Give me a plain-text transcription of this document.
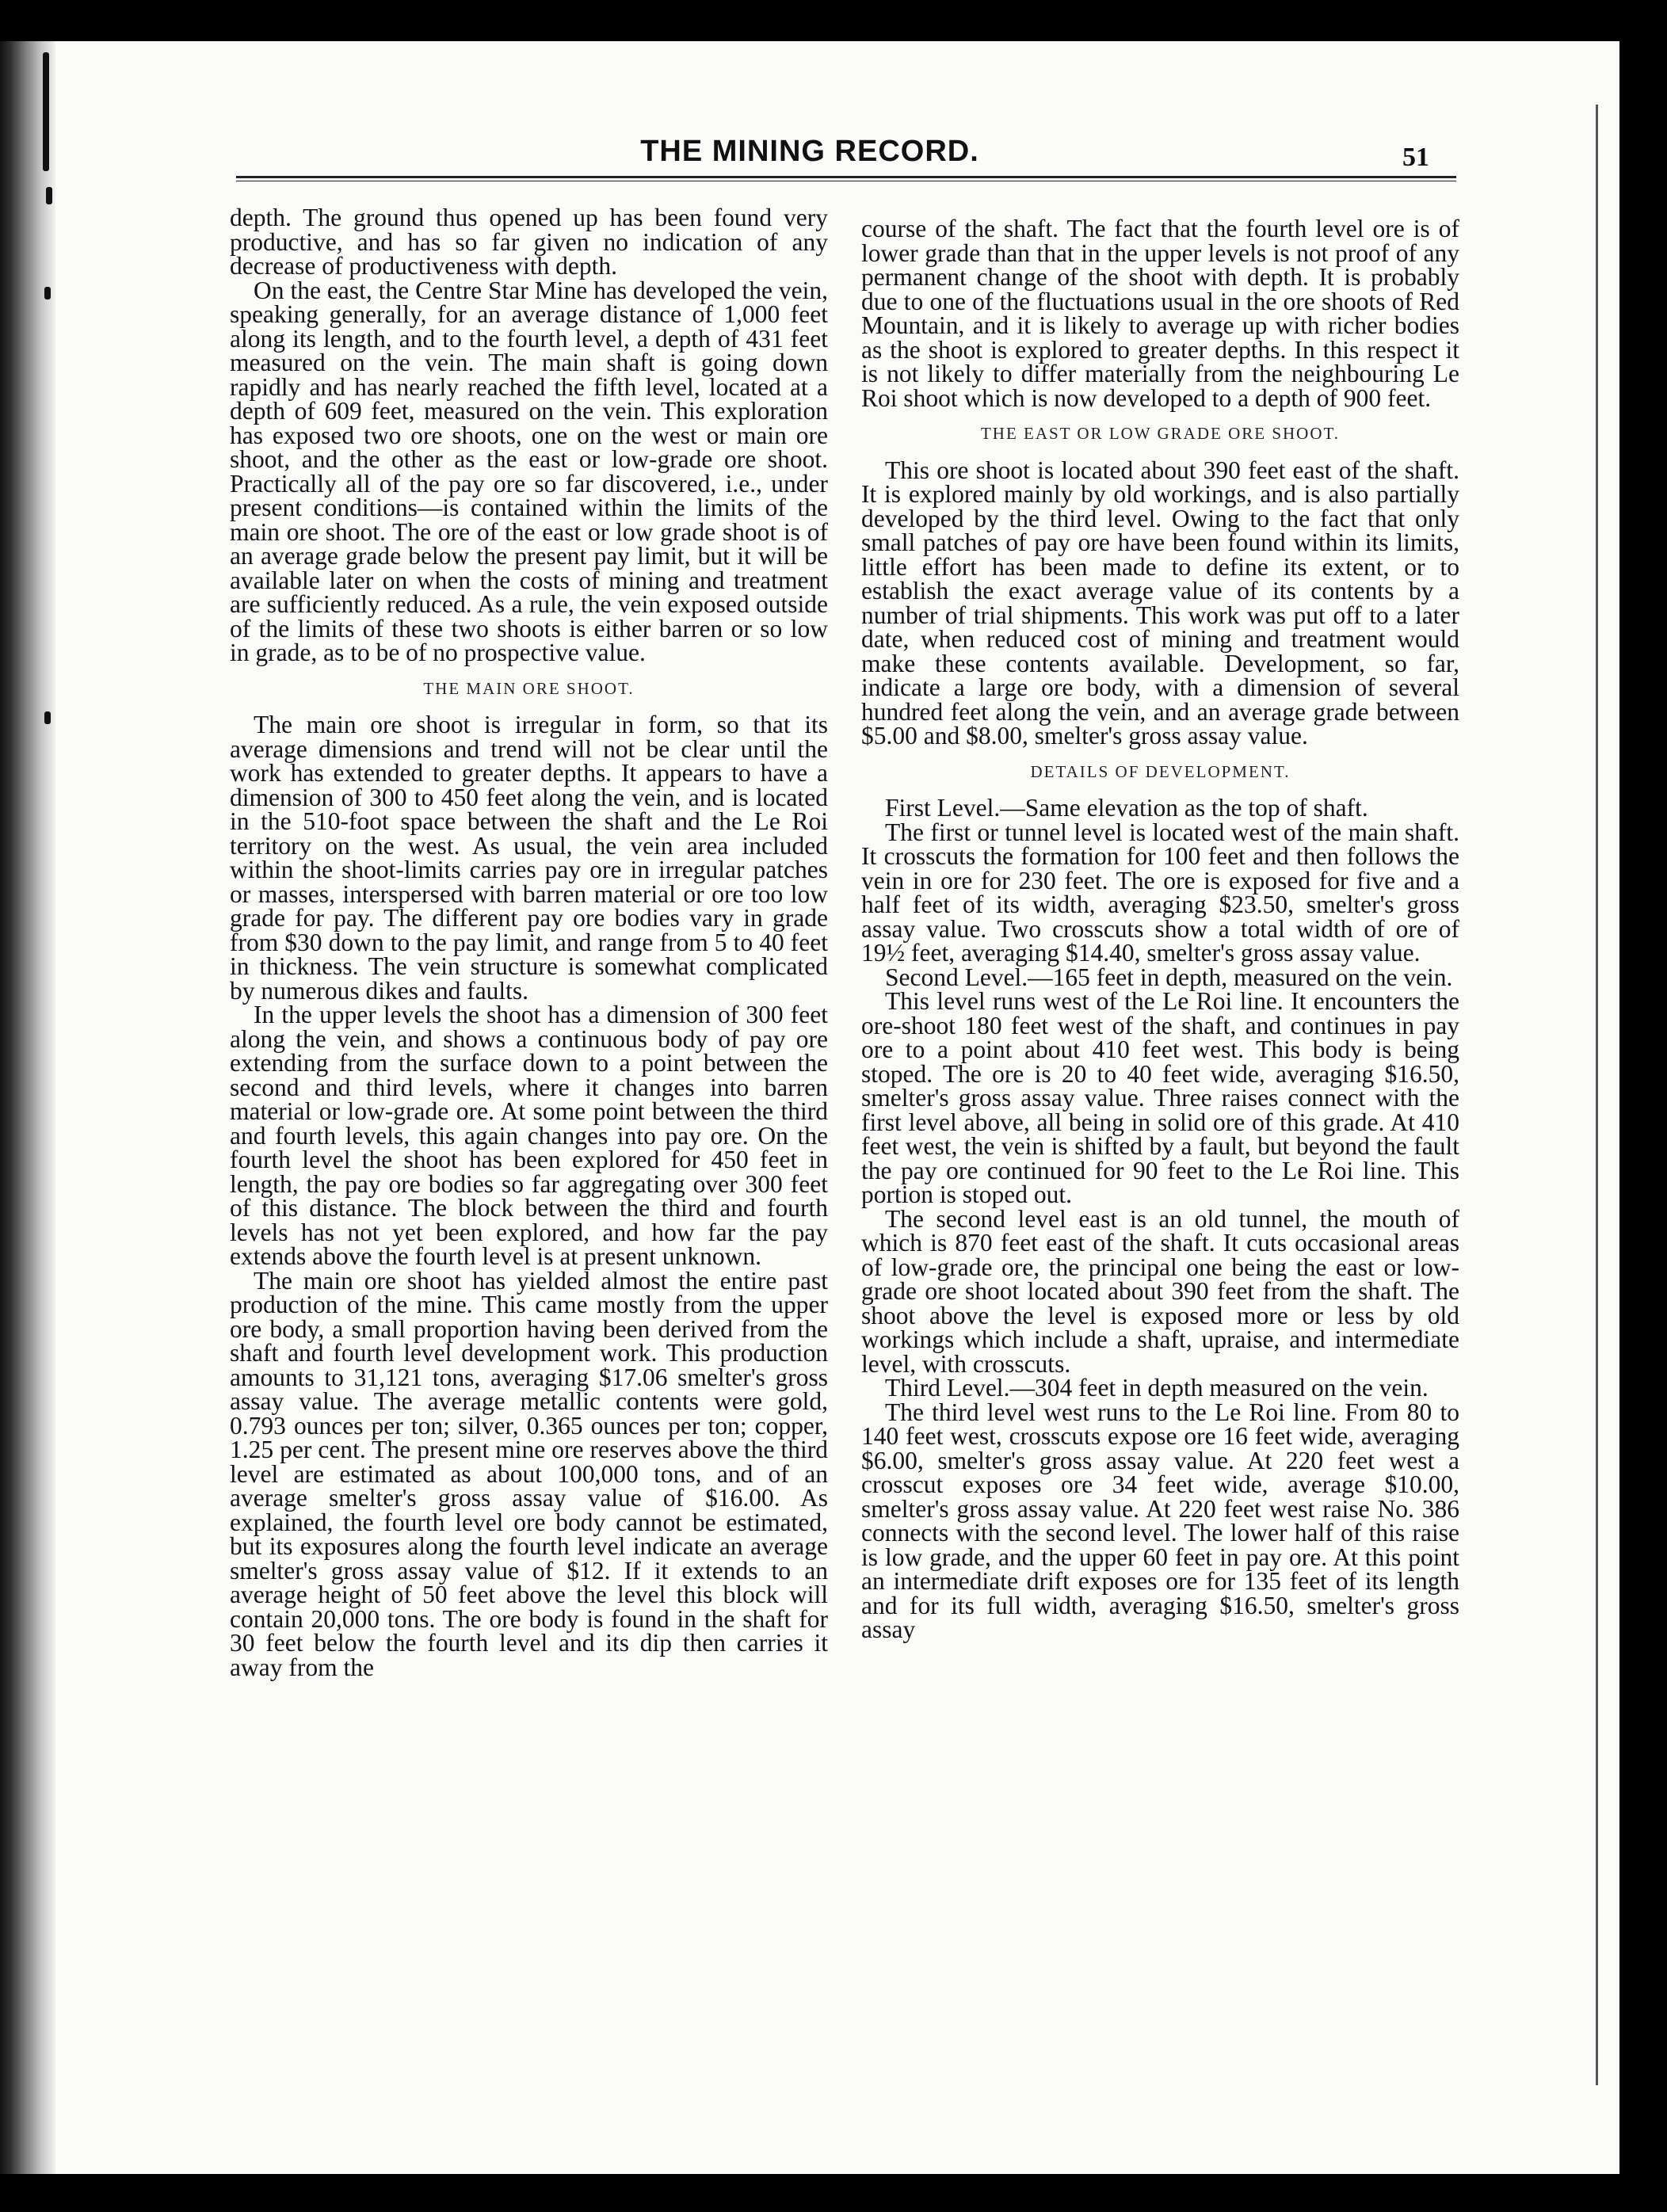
THE MINING RECORD.	51

depth. The ground thus opened up has been found very productive, and has so far given no indication of any decrease of productiveness with depth.

On the east, the Centre Star Mine has developed the vein, speaking generally, for an average distance of 1,000 feet along its length, and to the fourth level, a depth of 431 feet measured on the vein. The main shaft is going down rapidly and has nearly reached the fifth level, located at a depth of 609 feet, measured on the vein. This exploration has exposed two ore shoots, one on the west or main ore shoot, and the other as the east or low-grade ore shoot. Practically all of the pay ore so far discovered, i.e., under present conditions—is contained within the limits of the main ore shoot. The ore of the east or low grade shoot is of an average grade below the present pay limit, but it will be available later on when the costs of mining and treatment are sufficiently reduced. As a rule, the vein exposed outside of the limits of these two shoots is either barren or so low in grade, as to be of no prospective value.

THE MAIN ORE SHOOT.

The main ore shoot is irregular in form, so that its average dimensions and trend will not be clear until the work has extended to greater depths. It appears to have a dimension of 300 to 450 feet along the vein, and is located in the 510-foot space between the shaft and the Le Roi territory on the west. As usual, the vein area included within the shoot-limits carries pay ore in irregular patches or masses, interspersed with barren material or ore too low grade for pay. The different pay ore bodies vary in grade from $30 down to the pay limit, and range from 5 to 40 feet in thickness. The vein structure is somewhat complicated by numerous dikes and faults.

In the upper levels the shoot has a dimension of 300 feet along the vein, and shows a continuous body of pay ore extending from the surface down to a point between the second and third levels, where it changes into barren material or low-grade ore. At some point between the third and fourth levels, this again changes into pay ore. On the fourth level the shoot has been explored for 450 feet in length, the pay ore bodies so far aggregating over 300 feet of this distance. The block between the third and fourth levels has not yet been explored, and how far the pay extends above the fourth level is at present unknown.

The main ore shoot has yielded almost the entire past production of the mine. This came mostly from the upper ore body, a small proportion having been derived from the shaft and fourth level development work. This production amounts to 31,121 tons, averaging $17.06 smelter's gross assay value. The average metallic contents were gold, 0.793 ounces per ton; silver, 0.365 ounces per ton; copper, 1.25 per cent. The present mine ore reserves above the third level are estimated as about 100,000 tons, and of an average smelter's gross assay value of $16.00. As explained, the fourth level ore body cannot be estimated, but its exposures along the fourth level indicate an average smelter's gross assay value of $12. If it extends to an average height of 50 feet above the level this block will contain 20,000 tons. The ore body is found in the shaft for 30 feet below the fourth level and its dip then carries it away from the

course of the shaft. The fact that the fourth level ore is of lower grade than that in the upper levels is not proof of any permanent change of the shoot with depth. It is probably due to one of the fluctuations usual in the ore shoots of Red Mountain, and it is likely to average up with richer bodies as the shoot is explored to greater depths. In this respect it is not likely to differ materially from the neighbouring Le Roi shoot which is now developed to a depth of 900 feet.

THE EAST OR LOW GRADE ORE SHOOT.

This ore shoot is located about 390 feet east of the shaft. It is explored mainly by old workings, and is also partially developed by the third level. Owing to the fact that only small patches of pay ore have been found within its limits, little effort has been made to define its extent, or to establish the exact average value of its contents by a number of trial shipments. This work was put off to a later date, when reduced cost of mining and treatment would make these contents available. Development, so far, indicate a large ore body, with a dimension of several hundred feet along the vein, and an average grade between $5.00 and $8.00, smelter's gross assay value.

DETAILS OF DEVELOPMENT.

First Level.—Same elevation as the top of shaft.

The first or tunnel level is located west of the main shaft. It crosscuts the formation for 100 feet and then follows the vein in ore for 230 feet. The ore is exposed for five and a half feet of its width, averaging $23.50, smelter's gross assay value. Two crosscuts show a total width of ore of 19½ feet, averaging $14.40, smelter's gross assay value.

Second Level.—165 feet in depth, measured on the vein.

This level runs west of the Le Roi line. It encounters the ore-shoot 180 feet west of the shaft, and continues in pay ore to a point about 410 feet west. This body is being stoped. The ore is 20 to 40 feet wide, averaging $16.50, smelter's gross assay value. Three raises connect with the first level above, all being in solid ore of this grade. At 410 feet west, the vein is shifted by a fault, but beyond the fault the pay ore continued for 90 feet to the Le Roi line. This portion is stoped out.

The second level east is an old tunnel, the mouth of which is 870 feet east of the shaft. It cuts occasional areas of low-grade ore, the principal one being the east or low-grade ore shoot located about 390 feet from the shaft. The shoot above the level is exposed more or less by old workings which include a shaft, upraise, and intermediate level, with crosscuts.

Third Level.—304 feet in depth measured on the vein.

The third level west runs to the Le Roi line. From 80 to 140 feet west, crosscuts expose ore 16 feet wide, averaging $6.00, smelter's gross assay value. At 220 feet west a crosscut exposes ore 34 feet wide, average $10.00, smelter's gross assay value. At 220 feet west raise No. 386 connects with the second level. The lower half of this raise is low grade, and the upper 60 feet in pay ore. At this point an intermediate drift exposes ore for 135 feet of its length and for its full width, averaging $16.50, smelter's gross assay
